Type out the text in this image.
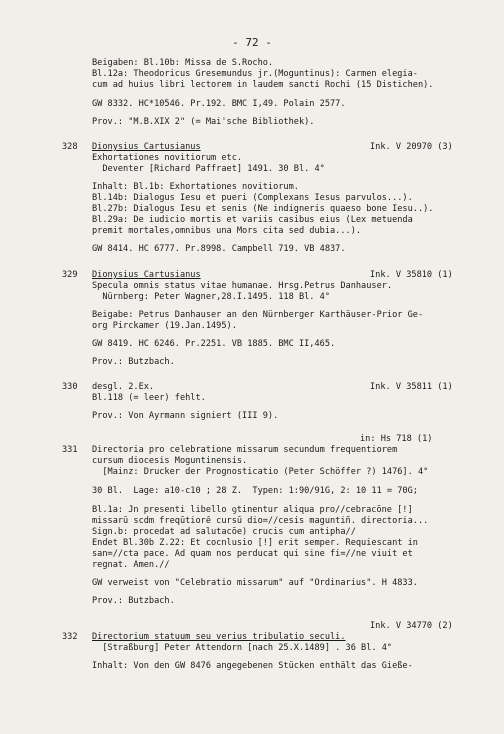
- 72 -
Beigaben: Bl.10b: Missa de S.Rocho.
Bl.12a: Theodoricus Gresemundus jr.(Moguntinus): Carmen elegia-
cum ad huius libri lectorem in laudem sancti Rochi (15 Distichen).
GW 8332. HC*10546. Pr.192. BMC I,49. Polain 2577.
Prov.: "M.B.XIX 2" (= Mai'sche Bibliothek).
328	Ink. V 20970 (3)
Dionysius Cartusianus
Exhortationes novitiorum etc.
Deventer [Richard Paffraet] 1491. 30 Bl. 4°
Inhalt: Bl.1b: Exhortationes novitiorum.
Bl.14b: Dialogus Iesu et pueri (Complexans Iesus parvulos...).
Bl.27b: Dialogus Iesu et senis (Ne indigneris quaeso bone Iesu..).
Bl.29a: De iudicio mortis et variis casibus eius (Lex metuenda
premit mortales,omnibus una Mors cita sed dubia...).
GW 8414. HC 6777. Pr.8998. Campbell 719. VB 4837.
329	Ink. V 35810 (1)
Dionysius Cartusianus
Specula omnis status vitae humanae. Hrsg.Petrus Danhauser.
Nürnberg: Peter Wagner,28.I.1495. 118 Bl. 4°
Beigabe: Petrus Danhauser an den Nürnberger Karthäuser-Prior Ge-
org Pirckamer (19.Jan.1495).
GW 8419. HC 6246. Pr.2251. VB 1885. BMC II,465.
Prov.: Butzbach.
330	Ink. V 35811 (1)
desgl. 2.Ex.
Bl.118 (= leer) fehlt.
Prov.: Von Ayrmann signiert (III 9).
in: Hs 718 (1)
331 Directoria pro celebratione missarum secundum frequentiorem
cursum diocesis Moguntinensis.
[Mainz: Drucker der Prognosticatio (Peter Schöffer ?) 1476]. 4°
30 Bl.  Lage: a10-c10 ; 28 Z.  Typen: 1:90/91G, 2: 10 11 = 70G;
Bl.1a: Jn presenti libello ꝯtinentur aliqua pro//cebracōne [!]
missarū scdm freqūtiorē cursū dio=//cesis maguntiñ. directoria...
Sign.b: procedat ad salutacōe) crucis cum antipha//
Endet Bl.30b Z.22: Et cocnlusio [!] erit semper. Requiescant in
san=//cta pace. Ad quam nos perducat qui sine fi=//ne viuit et
regnat. Amen.//
GW verweist von "Celebratio missarum" auf "Ordinarius". H 4833.
Prov.: Butzbach.
Ink. V 34770 (2)
332 Directorium statuum seu verius tribulatio seculi.
[Straßburg] Peter Attendorn [nach 25.X.1489] . 36 Bl. 4°
Inhalt: Von den GW 8476 angegebenen Stücken enthält das Gieße-
